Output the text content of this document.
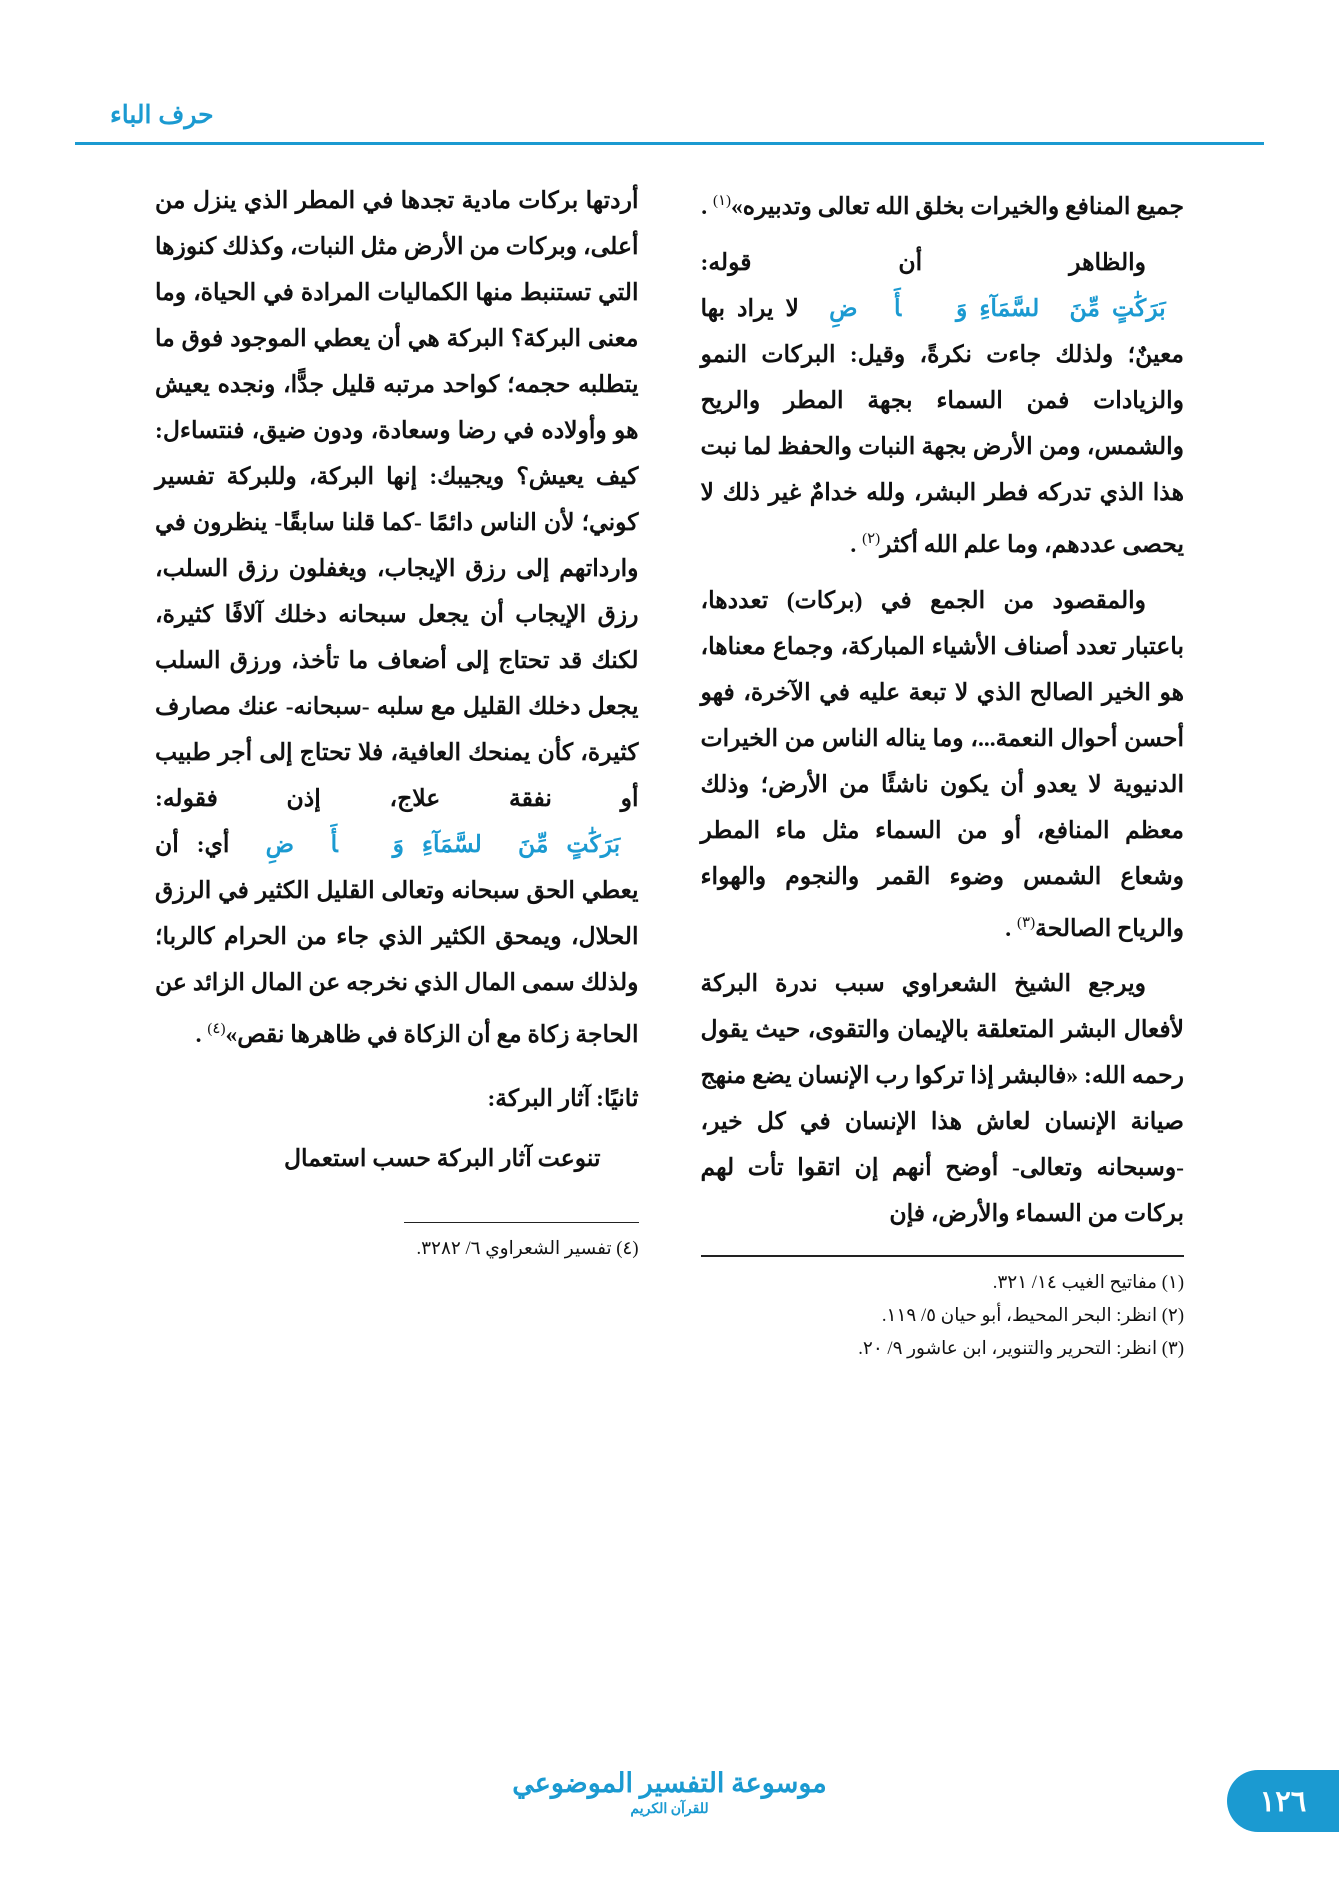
حرف الباء

جميع المنافع والخيرات بخلق الله تعالى وتدبيره»$^{(١)}$ .

والظاهر أن قوله: ﴿بَرَكَٰتٍ مِّنَ ٱلسَّمَآءِ وَٱلۡأَرۡضِ﴾ لا يراد بها معينٌ؛ ولذلك جاءت نكرةً، وقيل: البركات النمو والزيادات فمن السماء بجهة المطر والريح والشمس، ومن الأرض بجهة النبات والحفظ لما نبت هذا الذي تدركه فطر البشر، ولله خدامٌ غير ذلك لا يحصى عددهم، وما علم الله أكثر$^{(٢)}$ .

والمقصود من الجمع في (بركات) تعددها، باعتبار تعدد أصناف الأشياء المباركة، وجماع معناها، هو الخير الصالح الذي لا تبعة عليه في الآخرة، فهو أحسن أحوال النعمة...، وما يناله الناس من الخيرات الدنيوية لا يعدو أن يكون ناشئًا من الأرض؛ وذلك معظم المنافع، أو من السماء مثل ماء المطر وشعاع الشمس وضوء القمر والنجوم والهواء والرياح الصالحة$^{(٣)}$ .

ويرجع الشيخ الشعراوي سبب ندرة البركة لأفعال البشر المتعلقة بالإيمان والتقوى، حيث يقول رحمه الله: «فالبشر إذا تركوا رب الإنسان يضع منهج صيانة الإنسان لعاش هذا الإنسان في كل خير، -وسبحانه وتعالى- أوضح أنهم إن اتقوا تأت لهم بركات من السماء والأرض، فإن

(١) مفاتيح الغيب ١٤/ ٣٢١.
(٢) انظر: البحر المحيط، أبو حيان ٥/ ١١٩.
(٣) انظر: التحرير والتنوير، ابن عاشور ٩/ ٢٠.

أردتها بركات مادية تجدها في المطر الذي ينزل من أعلى، وبركات من الأرض مثل النبات، وكذلك كنوزها التي تستنبط منها الكماليات المرادة في الحياة، وما معنى البركة؟ البركة هي أن يعطي الموجود فوق ما يتطلبه حجمه؛ كواحد مرتبه قليل جدًّا، ونجده يعيش هو وأولاده في رضا وسعادة، ودون ضيق، فنتساءل: كيف يعيش؟ ويجيبك: إنها البركة، وللبركة تفسير كوني؛ لأن الناس دائمًا -كما قلنا سابقًا- ينظرون في وارداتهم إلى رزق الإيجاب، ويغفلون رزق السلب، رزق الإيجاب أن يجعل سبحانه دخلك آلافًا كثيرة، لكنك قد تحتاج إلى أضعاف ما تأخذ، ورزق السلب يجعل دخلك القليل مع سلبه -سبحانه- عنك مصارف كثيرة، كأن يمنحك العافية، فلا تحتاج إلى أجر طبيب أو نفقة علاج، إذن فقوله: ﴿بَرَكَٰتٍ مِّنَ ٱلسَّمَآءِ وَٱلۡأَرۡضِ﴾ أي: أن يعطي الحق سبحانه وتعالى القليل الكثير في الرزق الحلال، ويمحق الكثير الذي جاء من الحرام كالربا؛ ولذلك سمى المال الذي نخرجه عن المال الزائد عن الحاجة زكاة مع أن الزكاة في ظاهرها نقص»$^{(٤)}$ .

ثانيًا: آثار البركة:

تنوعت آثار البركة حسب استعمال

(٤) تفسير الشعراوي ٦/ ٣٢٨٢.
موسوعة التفسير الموضوعي
للقرآن الكريم	١٢٦
